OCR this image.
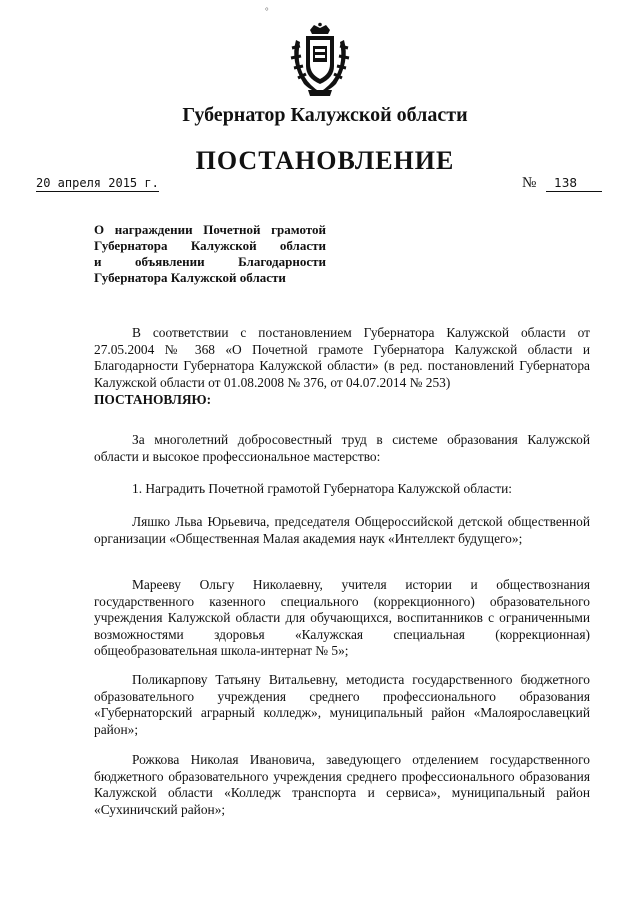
°
Губернатор Калужской области
ПОСТАНОВЛЕНИЕ
20 апреля 2015 г.	№ 138
О награждении Почетной грамотой
Губернатора Калужской области
и объявлении Благодарности
Губернатора Калужской области

В соответствии с постановлением Губернатора Калужской области от 27.05.2004 № 368 «О Почетной грамоте Губернатора Калужской области и Благодарности Губернатора Калужской области» (в ред. постановлений Губернатора Калужской области от 01.08.2008 № 376, от 04.07.2014 № 253)

ПОСТАНОВЛЯЮ:

За многолетний добросовестный труд в системе образования Калужской области и высокое профессиональное мастерство:

1. Наградить Почетной грамотой Губернатора Калужской области:

Ляшко Льва Юрьевича, председателя Общероссийской детской общественной организации «Общественная Малая академия наук «Интеллект будущего»;

Марееву Ольгу Николаевну, учителя истории и обществознания государственного казенного специального (коррекционного) образовательного учреждения Калужской области для обучающихся, воспитанников с ограниченными возможностями здоровья «Калужская специальная (коррекционная) общеобразовательная школа-интернат № 5»;

Поликарпову Татьяну Витальевну, методиста государственного бюджетного образовательного учреждения среднего профессионального образования «Губернаторский аграрный колледж», муниципальный район «Малоярославецкий район»;

Рожкова Николая Ивановича, заведующего отделением государственного бюджетного образовательного учреждения среднего профессионального образования Калужской области «Колледж транспорта и сервиса», муниципальный район «Сухиничский район»;
